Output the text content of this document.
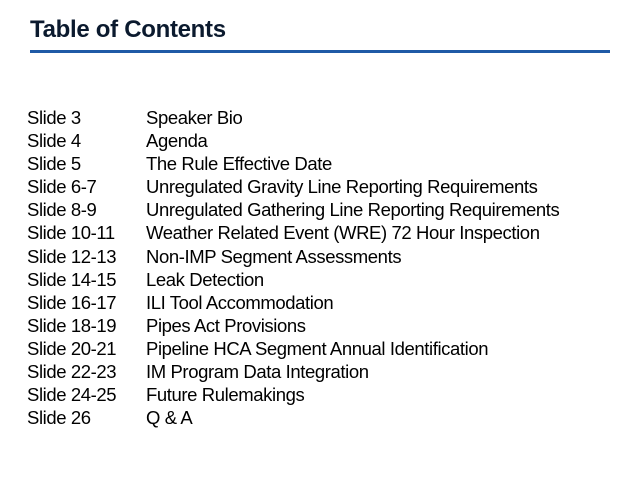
Table of Contents
Slide 3	Speaker Bio
Slide 4	Agenda
Slide 5	The Rule Effective Date
Slide 6-7	Unregulated Gravity Line Reporting Requirements
Slide 8-9	Unregulated Gathering Line Reporting Requirements
Slide 10-11	Weather Related Event (WRE) 72 Hour Inspection
Slide 12-13	Non-IMP Segment Assessments
Slide 14-15	Leak Detection
Slide 16-17	ILI Tool Accommodation
Slide 18-19	Pipes Act Provisions
Slide 20-21	Pipeline HCA Segment Annual Identification
Slide 22-23	IM Program Data Integration
Slide 24-25	Future Rulemakings
Slide 26	Q & A
